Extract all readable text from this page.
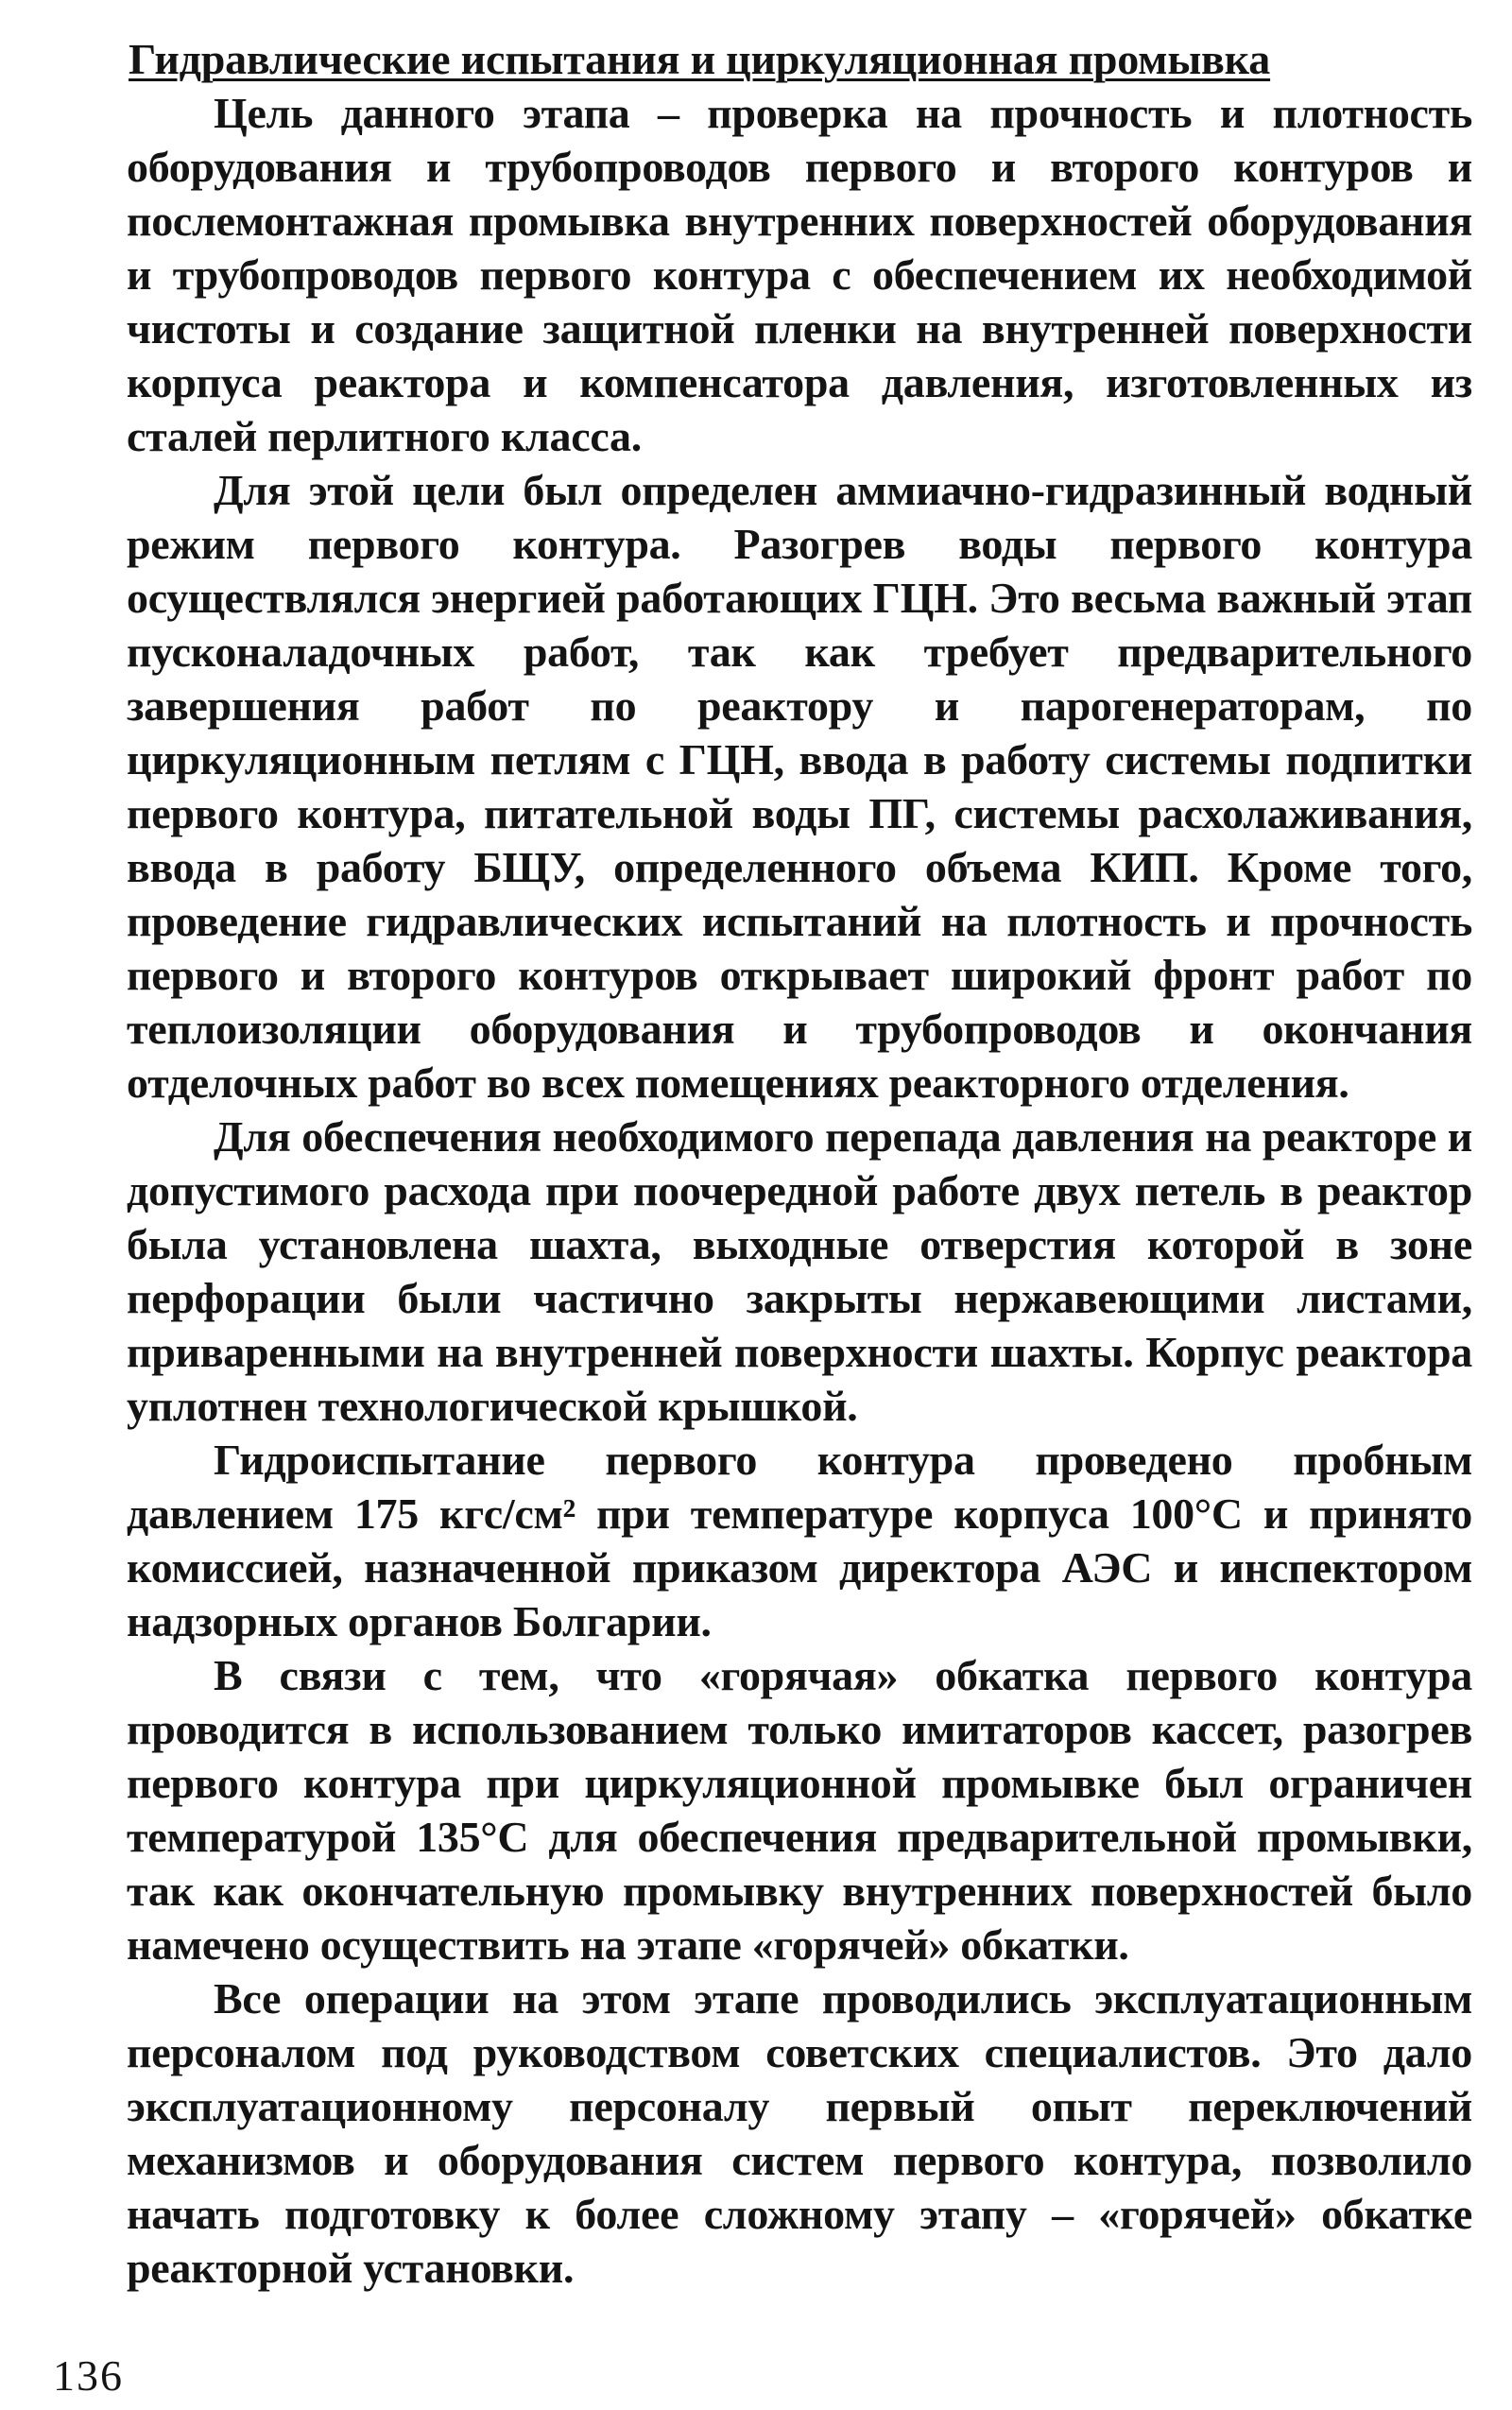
Гидравлические испытания и циркуляционная промывка

Цель данного этапа – проверка на прочность и плотность оборудования и трубопроводов первого и второго контуров и послемонтажная промывка внутренних поверхностей оборудования и трубопроводов первого контура с обеспечением их необходимой чистоты и создание защитной пленки на внутренней поверхности корпуса реактора и компенсатора давления, изготовленных из сталей перлитного класса.

Для этой цели был определен аммиачно-гидразинный водный режим первого контура. Разогрев воды первого контура осуществлялся энергией работающих ГЦН. Это весьма важный этап пусконаладочных работ, так как требует предварительного завершения работ по реактору и парогенераторам, по циркуляционным петлям с ГЦН, ввода в работу системы подпитки первого контура, питательной воды ПГ, системы расхолаживания, ввода в работу БЩУ, определенного объема КИП. Кроме того, проведение гидравлических испытаний на плотность и прочность первого и второго контуров открывает широкий фронт работ по теплоизоляции оборудования и трубопроводов и окончания отделочных работ во всех помещениях реакторного отделения.

Для обеспечения необходимого перепада давления на реакторе и допустимого расхода при поочередной работе двух петель в реактор была установлена шахта, выходные отверстия которой в зоне перфорации были частично закрыты нержавеющими листами, приваренными на внутренней поверхности шахты. Корпус реактора уплотнен технологической крышкой.

Гидроиспытание первого контура проведено пробным давлением 175 кгс/см² при температуре корпуса 100°С и принято комиссией, назначенной приказом директора АЭС и инспектором надзорных органов Болгарии.

В связи с тем, что «горячая» обкатка первого контура проводится в использованием только имитаторов кассет, разогрев первого контура при циркуляционной промывке был ограничен температурой 135°С для обеспечения предварительной промывки, так как окончательную промывку внутренних поверхностей было намечено осуществить на этапе «горячей» обкатки.

Все операции на этом этапе проводились эксплуатационным персоналом под руководством советских специалистов. Это дало эксплуатационному персоналу первый опыт переключений механизмов и оборудования систем первого контура, позволило начать подготовку к более сложному этапу – «горячей» обкатке реакторной установки.

136
